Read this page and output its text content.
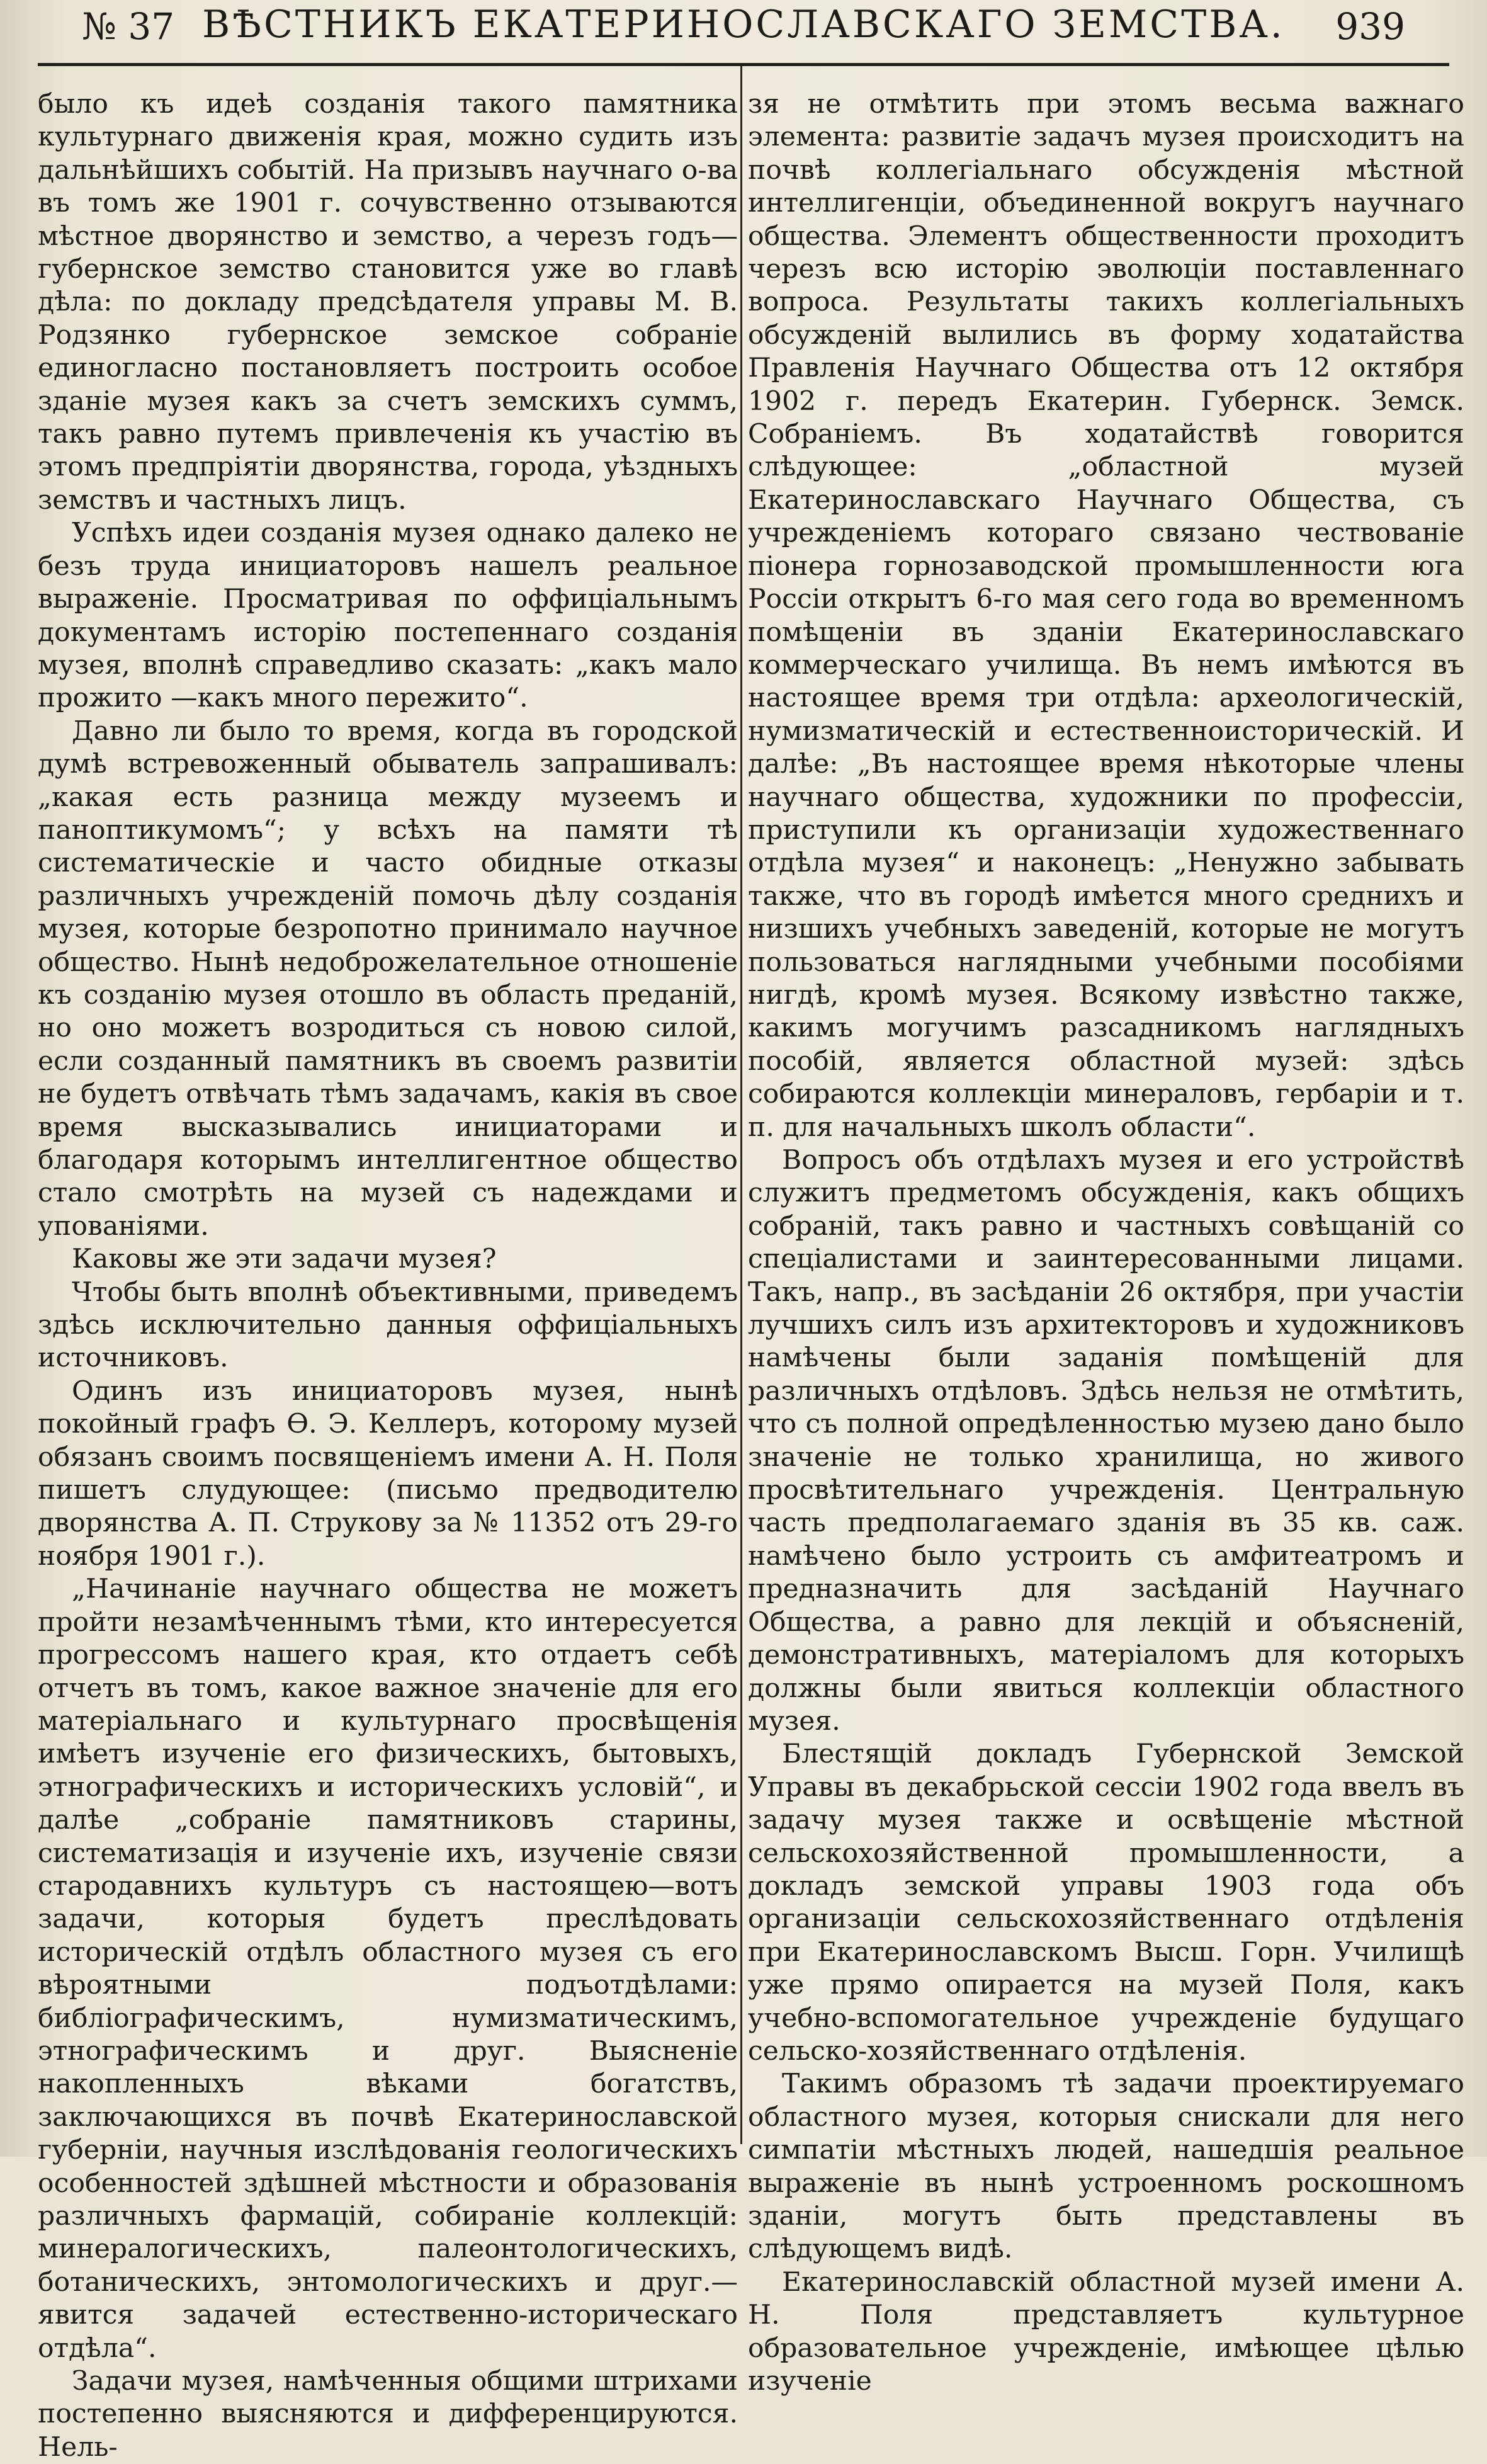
№ 37 ВѢСТНИКЪ ЕКАТЕРИНОСЛАВСКАГО ЗЕМСТВА.	939

было къ идеѣ созданія такого памятника культурнаго движенія края, можно судить изъ дальнѣйшихъ событій. На призывъ научнаго о-ва въ томъ же 1901 г. сочувственно отзываются мѣстное дворянство и земство, а черезъ годъ—губернское земство становится уже во главѣ дѣла: по докладу предсѣдателя управы М. В. Родзянко губернское земское собраніе единогласно постановляетъ построить особое зданіе музея какъ за счетъ земскихъ суммъ, такъ равно путемъ привлеченія къ участію въ этомъ предпріятіи дворянства, города, уѣздныхъ земствъ и частныхъ лицъ.

Успѣхъ идеи созданія музея однако далеко не безъ труда инициаторовъ нашелъ реальное выраженіе. Просматривая по оффиціальнымъ документамъ исторію постепеннаго созданія музея, вполнѣ справедливо сказать: „какъ мало прожито —какъ много пережито“.

Давно ли было то время, когда въ городской думѣ встревоженный обыватель запрашивалъ: „какая есть разница между музеемъ и паноптикумомъ“; у всѣхъ на памяти тѣ систематическіе и часто обидные отказы различныхъ учрежденій помочь дѣлу созданія музея, которые безропотно принимало научное общество. Нынѣ недоброжелательное отношеніе къ созданію музея отошло въ область преданій, но оно можетъ возродиться съ новою силой, если созданный памятникъ въ своемъ развитіи не будетъ отвѣчать тѣмъ задачамъ, какія въ свое время высказывались инициаторами и благодаря которымъ интеллигентное общество стало смотрѣть на музей съ надеждами и упованіями.

Каковы же эти задачи музея?

Чтобы быть вполнѣ объективными, приведемъ здѣсь исключительно данныя оффиціальныхъ источниковъ.

Одинъ изъ инициаторовъ музея, нынѣ покойный графъ Ѳ. Э. Келлеръ, которому музей обязанъ своимъ посвященіемъ имени А. Н. Поля пишетъ слудующее: (письмо предводителю дворянства А. П. Струкову за № 11352 отъ 29-го ноября 1901 г.).

„Начинаніе научнаго общества не можетъ пройти незамѣченнымъ тѣми, кто интересуется прогрессомъ нашего края, кто отдаетъ себѣ отчетъ въ томъ, какое важное значеніе для его матеріальнаго и культурнаго просвѣщенія имѣетъ изученіе его физическихъ, бытовыхъ, этнографическихъ и историческихъ условій“, и далѣе „собраніе памятниковъ старины, систематизація и изученіе ихъ, изученіе связи стародавнихъ культуръ съ настоящею—вотъ задачи, которыя будетъ преслѣдовать историческій отдѣлъ областного музея съ его вѣроятными подъотдѣлами: библіографическимъ, нумизматическимъ, этнографическимъ и друг. Выясненіе накопленныхъ вѣками богатствъ, заключающихся въ почвѣ Екатеринославской губерніи, научныя изслѣдованія геологическихъ особенностей здѣшней мѣстности и образованія различныхъ фармацій, собираніе коллекцій: минералогическихъ, палеонтологическихъ, ботаническихъ, энтомологическихъ и друг.—явится задачей естественно-историческаго отдѣла“.

Задачи музея, намѣченныя общими штрихами постепенно выясняются и дифференцируются. Нель-

зя не отмѣтить при этомъ весьма важнаго элемента: развитіе задачъ музея происходитъ на почвѣ коллегіальнаго обсужденія мѣстной интеллигенціи, объединенной вокругъ научнаго общества. Элементъ общественности проходитъ черезъ всю исторію эволюціи поставленнаго вопроса. Результаты такихъ коллегіальныхъ обсужденій вылились въ форму ходатайства Правленія Научнаго Общества отъ 12 октября 1902 г. передъ Екатерин. Губернск. Земск. Собраніемъ. Въ ходатайствѣ говорится слѣдующее: „областной музей Екатеринославскаго Научнаго Общества, съ учрежденіемъ котораго связано чествованіе піонера горнозаводской промышленности юга Россіи открытъ 6-го мая сего года во временномъ помѣщеніи въ зданіи Екатеринославскаго коммерческаго училища. Въ немъ имѣются въ настоящее время три отдѣла: археологическій, нумизматическій и естественноисторическій. И далѣе: „Въ настоящее время нѣкоторые члены научнаго общества, художники по профессіи, приступили къ организаціи художественнаго отдѣла музея“ и наконецъ: „Ненужно забывать также, что въ городѣ имѣется много среднихъ и низшихъ учебныхъ заведеній, которые не могутъ пользоваться наглядными учебными пособіями нигдѣ, кромѣ музея. Всякому извѣстно также, какимъ могучимъ разсадникомъ наглядныхъ пособій, является областной музей: здѣсь собираются коллекціи минераловъ, гербаріи и т. п. для начальныхъ школъ области“.

Вопросъ объ отдѣлахъ музея и его устройствѣ служитъ предметомъ обсужденія, какъ общихъ собраній, такъ равно и частныхъ совѣщаній со спеціалистами и заинтересованными лицами. Такъ, напр., въ засѣданіи 26 октября, при участіи лучшихъ силъ изъ архитекторовъ и художниковъ намѣчены были заданія помѣщеній для различныхъ отдѣловъ. Здѣсь нельзя не отмѣтить, что съ полной опредѣленностью музею дано было значеніе не только хранилища, но живого просвѣтительнаго учрежденія. Центральную часть предполагаемаго зданія въ 35 кв. саж. намѣчено было устроить съ амфитеатромъ и предназначить для засѣданій Научнаго Общества, а равно для лекцій и объясненій, демонстративныхъ, матеріаломъ для которыхъ должны были явиться коллекціи областного музея.

Блестящій докладъ Губернской Земской Управы въ декабрьской сессіи 1902 года ввелъ въ задачу музея также и освѣщеніе мѣстной сельскохозяйственной промышленности, а докладъ земской управы 1903 года объ организаціи сельскохозяйственнаго отдѣленія при Екатеринославскомъ Высш. Горн. Училищѣ уже прямо опирается на музей Поля, какъ учебно-вспомогательное учрежденіе будущаго сельско-хозяйственнаго отдѣленія.

Такимъ образомъ тѣ задачи проектируемаго областного музея, которыя снискали для него симпатіи мѣстныхъ людей, нашедшія реальное выраженіе въ нынѣ устроенномъ роскошномъ зданіи, могутъ быть представлены въ слѣдующемъ видѣ.

Екатеринославскій областной музей имени А. Н. Поля представляетъ культурное образовательное учрежденіе, имѣющее цѣлью изученіе
